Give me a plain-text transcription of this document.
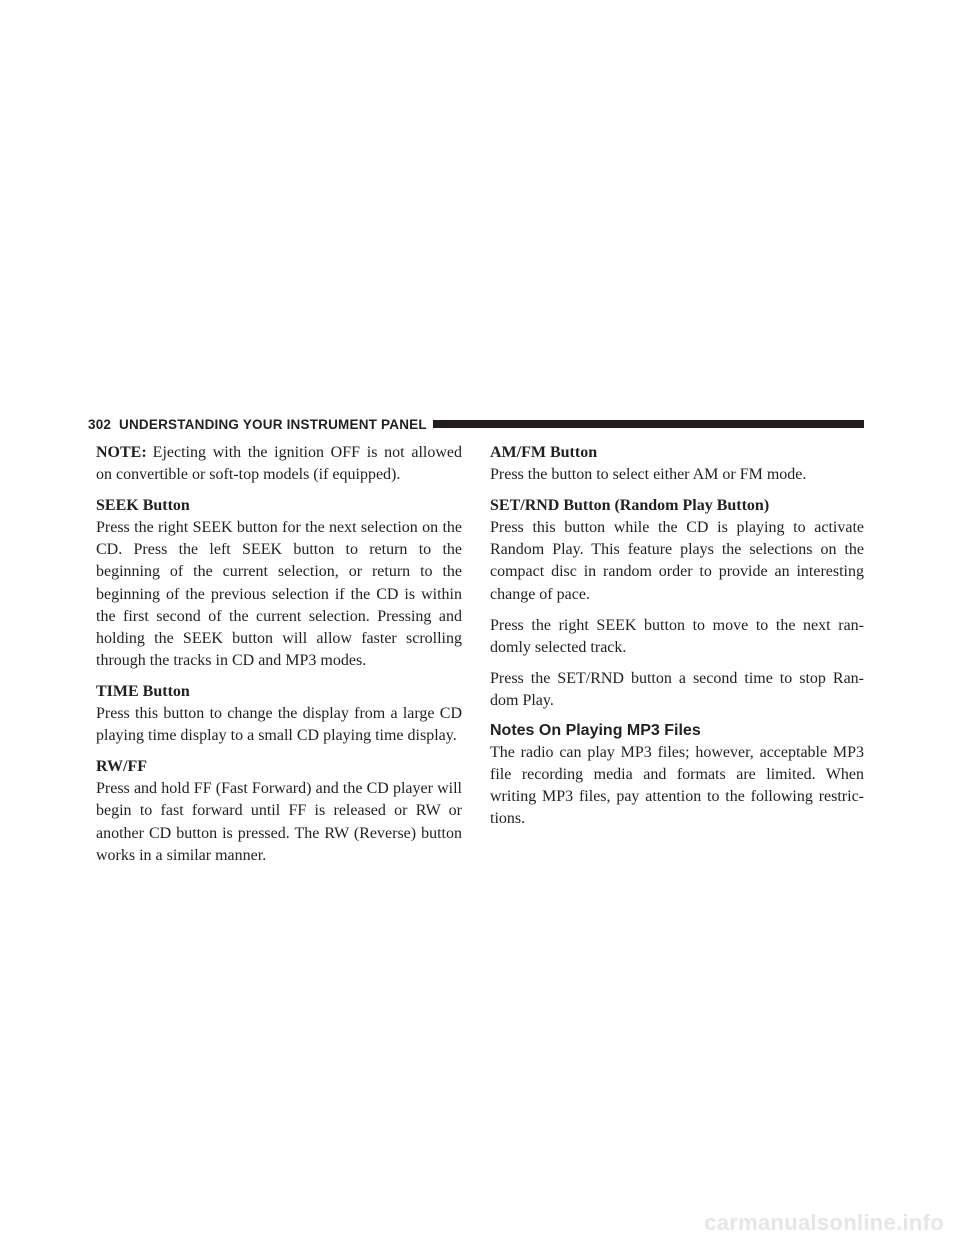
302 UNDERSTANDING YOUR INSTRUMENT PANEL

NOTE: Ejecting with the ignition OFF is not allowed on convertible or soft-top models (if equipped).

SEEK Button

Press the right SEEK button for the next selection on the CD. Press the left SEEK button to return to the beginning of the current selection, or return to the beginning of the previous selection if the CD is within the first second of the current selection. Pressing and holding the SEEK button will allow faster scrolling through the tracks in CD and MP3 modes.

TIME Button

Press this button to change the display from a large CD playing time display to a small CD playing time display.

RW/FF

Press and hold FF (Fast Forward) and the CD player will begin to fast forward until FF is released or RW or another CD button is pressed. The RW (Reverse) button works in a similar manner.

AM/FM Button

Press the button to select either AM or FM mode.

SET/RND Button (Random Play Button)

Press this button while the CD is playing to activate Random Play. This feature plays the selections on the compact disc in random order to provide an interesting change of pace.

Press the right SEEK button to move to the next ran- domly selected track.

Press the SET/RND button a second time to stop Ran- dom Play.

Notes On Playing MP3 Files

The radio can play MP3 files; however, acceptable MP3 file recording media and formats are limited. When writing MP3 files, pay attention to the following restric- tions.

carmanualsonline.info
